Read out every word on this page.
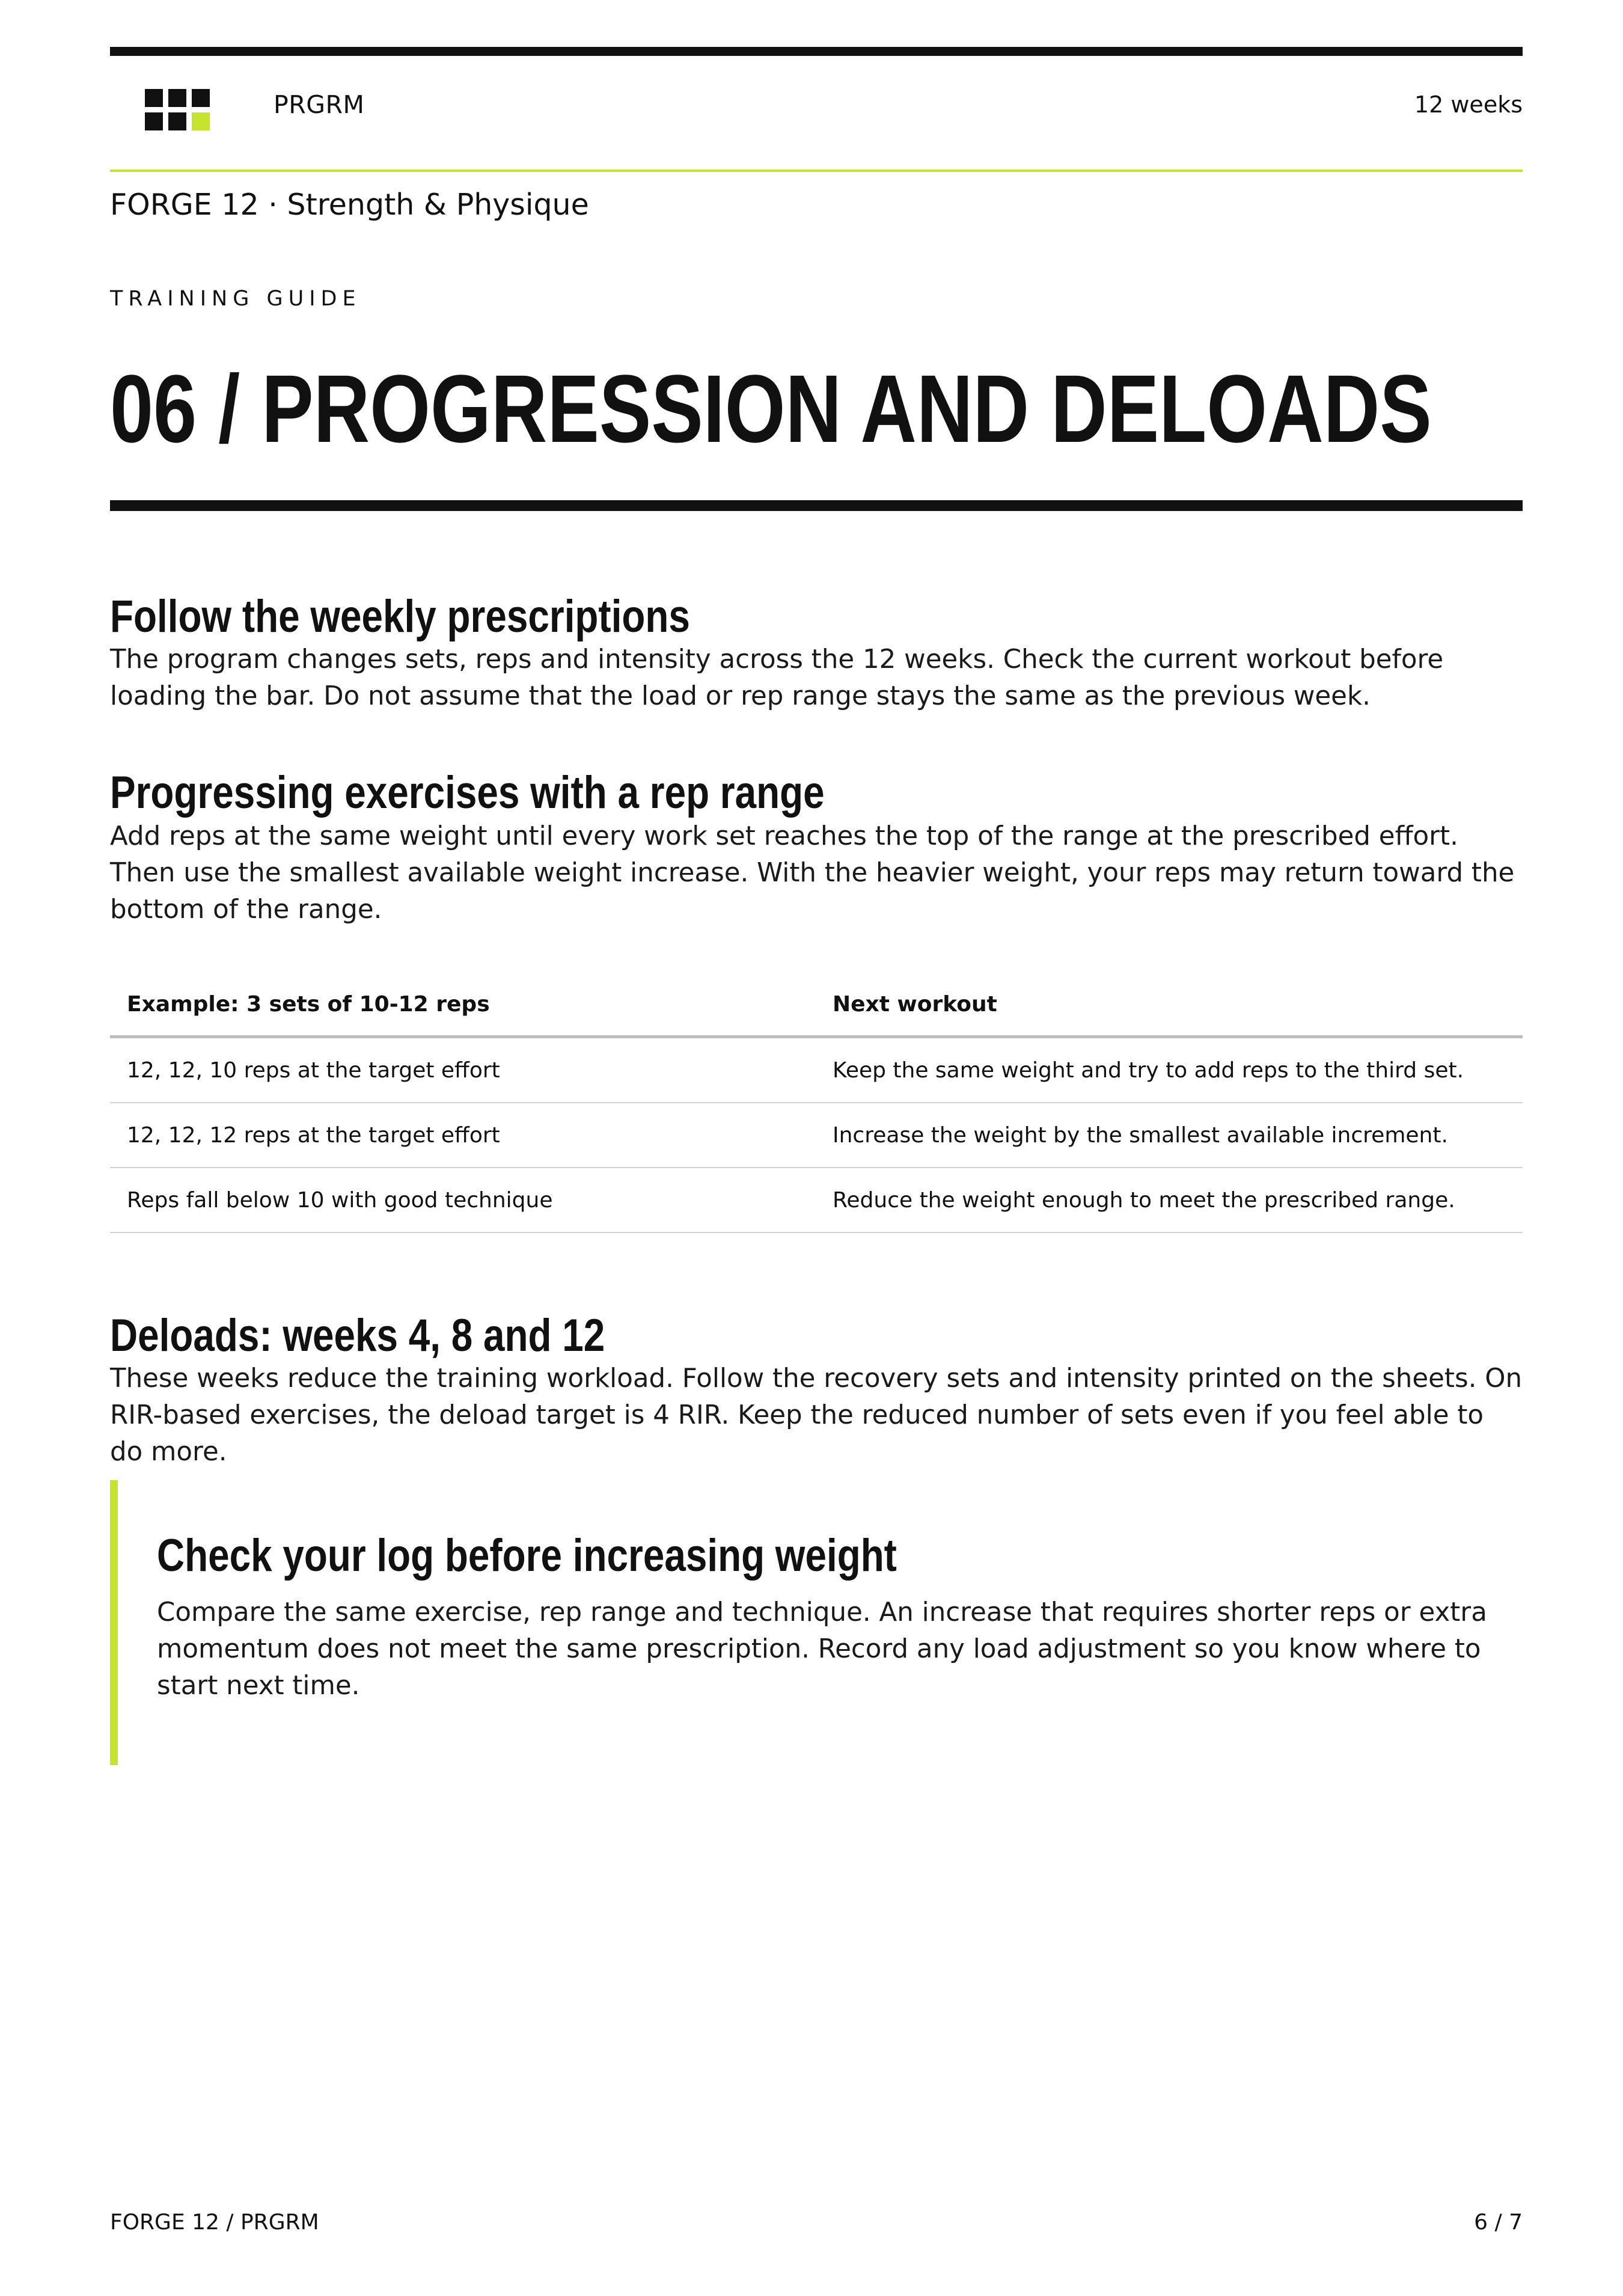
PRGRM	12 weeks
FORGE 12 · Strength & Physique
TRAINING GUIDE
06 / PROGRESSION AND DELOADS
Follow the weekly prescriptions

The program changes sets, reps and intensity across the 12 weeks. Check the current workout before loading the bar. Do not assume that the load or rep range stays the same as the previous week.

Progressing exercises with a rep range

Add reps at the same weight until every work set reaches the top of the range at the prescribed effort. Then use the smallest available weight increase. With the heavier weight, your reps may return toward the bottom of the range.

Example: 3 sets of 10-12 reps	Next workout
12, 12, 10 reps at the target effort	Keep the same weight and try to add reps to the third set.
12, 12, 12 reps at the target effort	Increase the weight by the smallest available increment.
Reps fall below 10 with good technique	Reduce the weight enough to meet the prescribed range.
Deloads: weeks 4, 8 and 12

These weeks reduce the training workload. Follow the recovery sets and intensity printed on the sheets. On RIR-based exercises, the deload target is 4 RIR. Keep the reduced number of sets even if you feel able to do more.

Check your log before increasing weight

Compare the same exercise, rep range and technique. An increase that requires shorter reps or extra momentum does not meet the same prescription. Record any load adjustment so you know where to start next time.

FORGE 12 / PRGRM	6 / 7
